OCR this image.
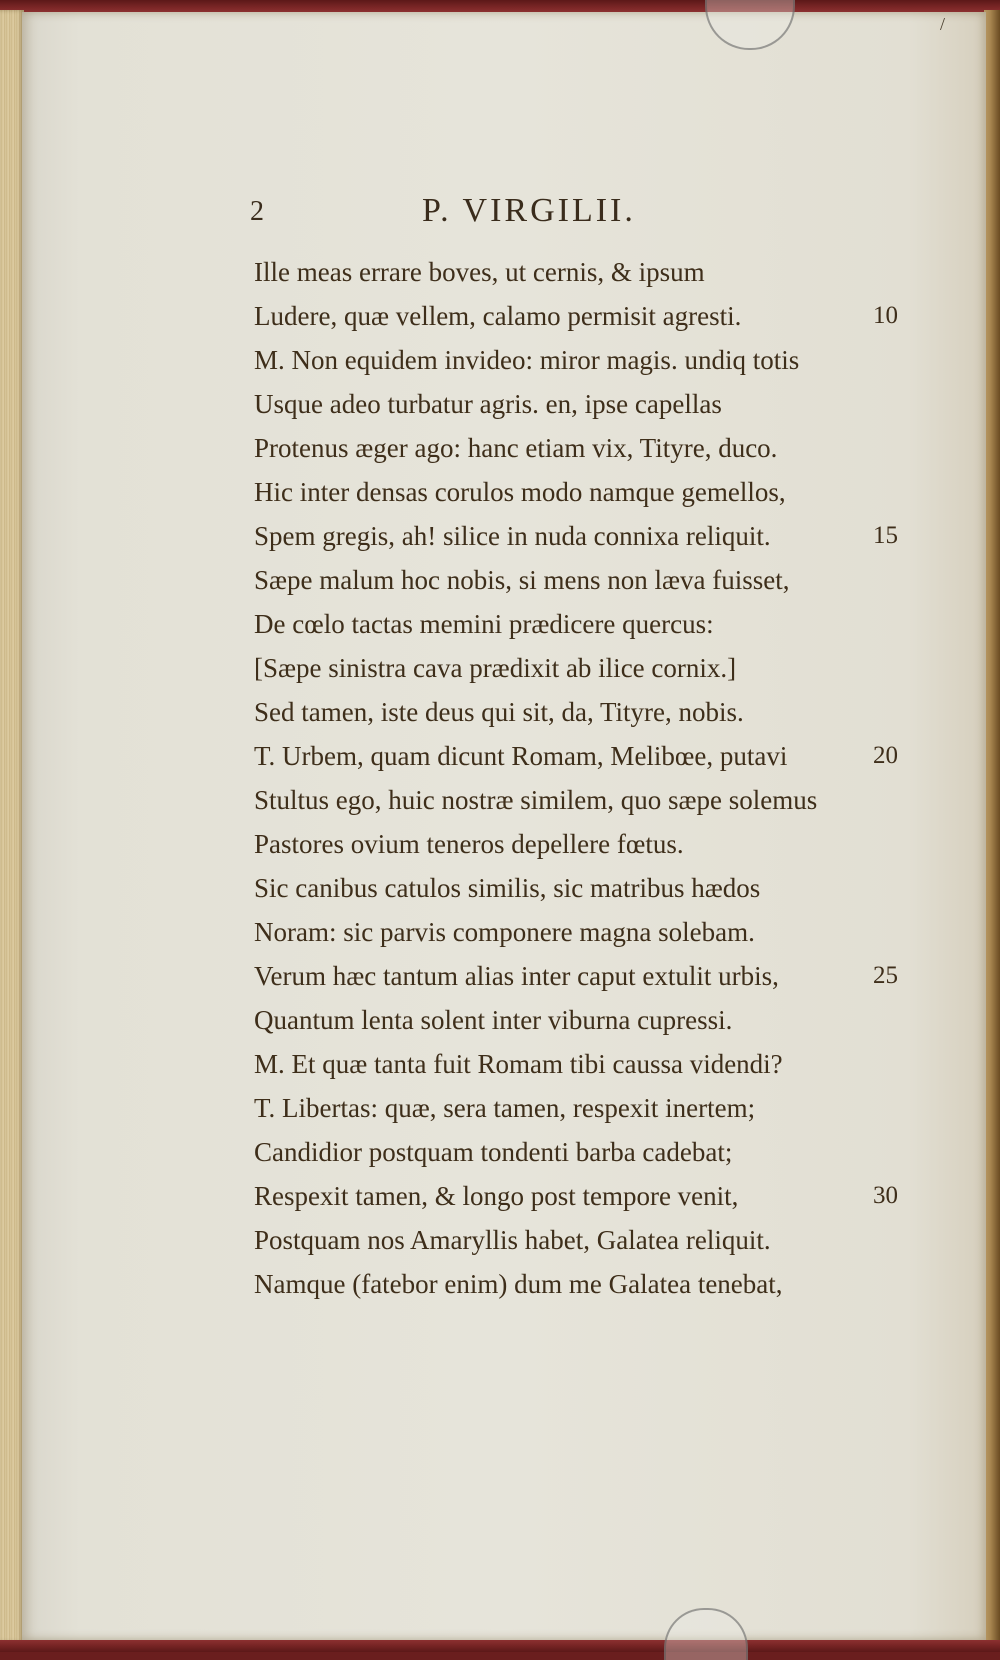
/
2	P. VIRGILII.
Ille meas errare boves, ut cernis, & ipsum
Ludere, quæ vellem, calamo permisit agresti.	10
M. Non equidem invideo: miror magis. undiq totis
Usque adeo turbatur agris. en, ipse capellas
Protenus æger ago: hanc etiam vix, Tityre, duco.
Hic inter densas corulos modo namque gemellos,
Spem gregis, ah! silice in nuda connixa reliquit.	15
Sæpe malum hoc nobis, si mens non læva fuisset,
De cœlo tactas memini prædicere quercus:
[Sæpe sinistra cava prædixit ab ilice cornix.]
Sed tamen, iste deus qui sit, da, Tityre, nobis.
T. Urbem, quam dicunt Romam, Melibœe, putavi	20
Stultus ego, huic nostræ similem, quo sæpe solemus
Pastores ovium teneros depellere fœtus.
Sic canibus catulos similis, sic matribus hædos
Noram: sic parvis componere magna solebam.
Verum hæc tantum alias inter caput extulit urbis,	25
Quantum lenta solent inter viburna cupressi.
M. Et quæ tanta fuit Romam tibi caussa videndi?
T. Libertas: quæ, sera tamen, respexit inertem;
Candidior postquam tondenti barba cadebat;
Respexit tamen, & longo post tempore venit,	30
Postquam nos Amaryllis habet, Galatea reliquit.
Namque (fatebor enim) dum me Galatea tenebat,
